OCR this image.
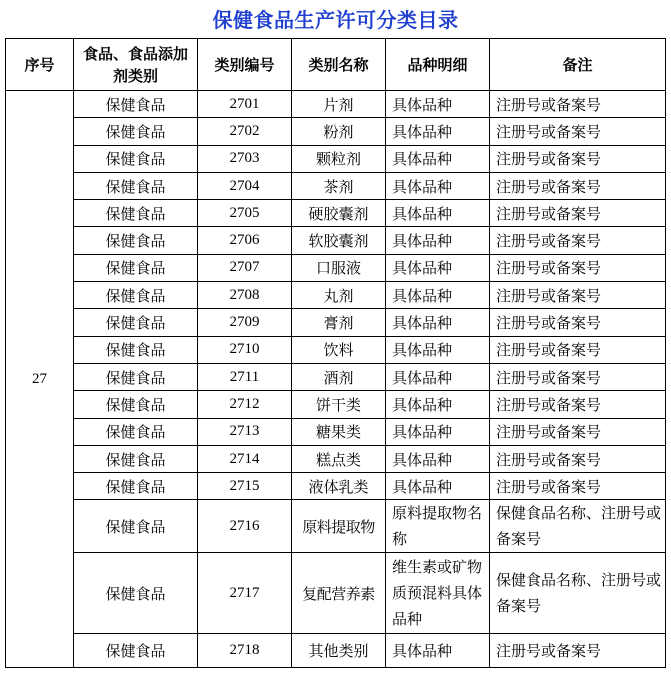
保健食品生产许可分类目录
序号	食品、食品添加剂类别	类别编号	类别名称	品种明细	备注
27	保健食品	2701	片剂	具体品种	注册号或备案号
	保健食品	2702	粉剂	具体品种	注册号或备案号
	保健食品	2703	颗粒剂	具体品种	注册号或备案号
	保健食品	2704	茶剂	具体品种	注册号或备案号
	保健食品	2705	硬胶囊剂	具体品种	注册号或备案号
	保健食品	2706	软胶囊剂	具体品种	注册号或备案号
	保健食品	2707	口服液	具体品种	注册号或备案号
	保健食品	2708	丸剂	具体品种	注册号或备案号
	保健食品	2709	膏剂	具体品种	注册号或备案号
	保健食品	2710	饮料	具体品种	注册号或备案号
	保健食品	2711	酒剂	具体品种	注册号或备案号
	保健食品	2712	饼干类	具体品种	注册号或备案号
	保健食品	2713	糖果类	具体品种	注册号或备案号
	保健食品	2714	糕点类	具体品种	注册号或备案号
	保健食品	2715	液体乳类	具体品种	注册号或备案号
	保健食品	2716	原料提取物	原料提取物名称	保健食品名称、注册号或备案号
	保健食品	2717	复配营养素	维生素或矿物质预混料具体品种	保健食品名称、注册号或备案号
	保健食品	2718	其他类别	具体品种	注册号或备案号
